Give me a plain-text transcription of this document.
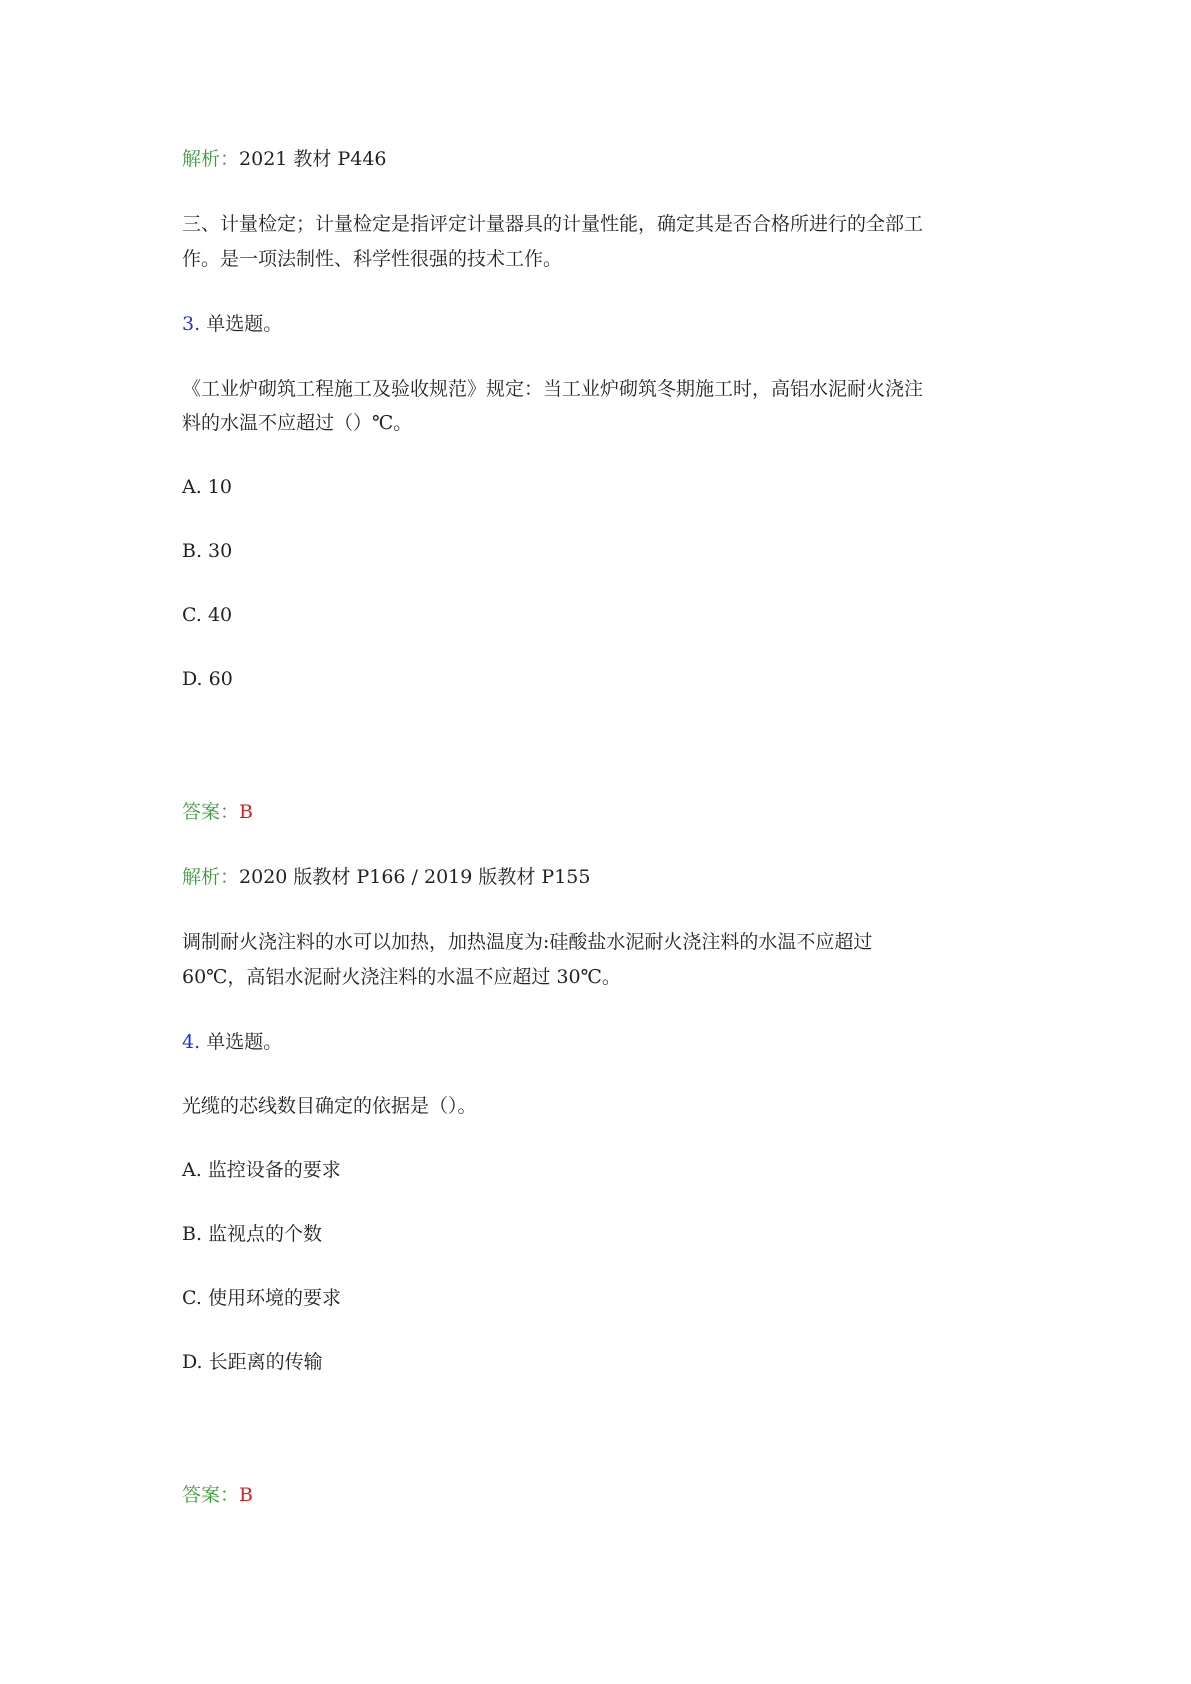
解析：2021 教材 P446
三、计量检定；计量检定是指评定计量器具的计量性能，确定其是否合格所进行的全部工
作。是一项法制性、科学性很强的技术工作。
3. 单选题。
《工业炉砌筑工程施工及验收规范》规定：当工业炉砌筑冬期施工时，高铝水泥耐火浇注
料的水温不应超过（）℃。
A. 10
B. 30
C. 40
D. 60
答案：B
解析：2020 版教材 P166 / 2019 版教材 P155
调制耐火浇注料的水可以加热，加热温度为:硅酸盐水泥耐火浇注料的水温不应超过
60℃，高铝水泥耐火浇注料的水温不应超过 30℃。
4. 单选题。
光缆的芯线数目确定的依据是（）。
A. 监控设备的要求
B. 监视点的个数
C. 使用环境的要求
D. 长距离的传输
答案：B
